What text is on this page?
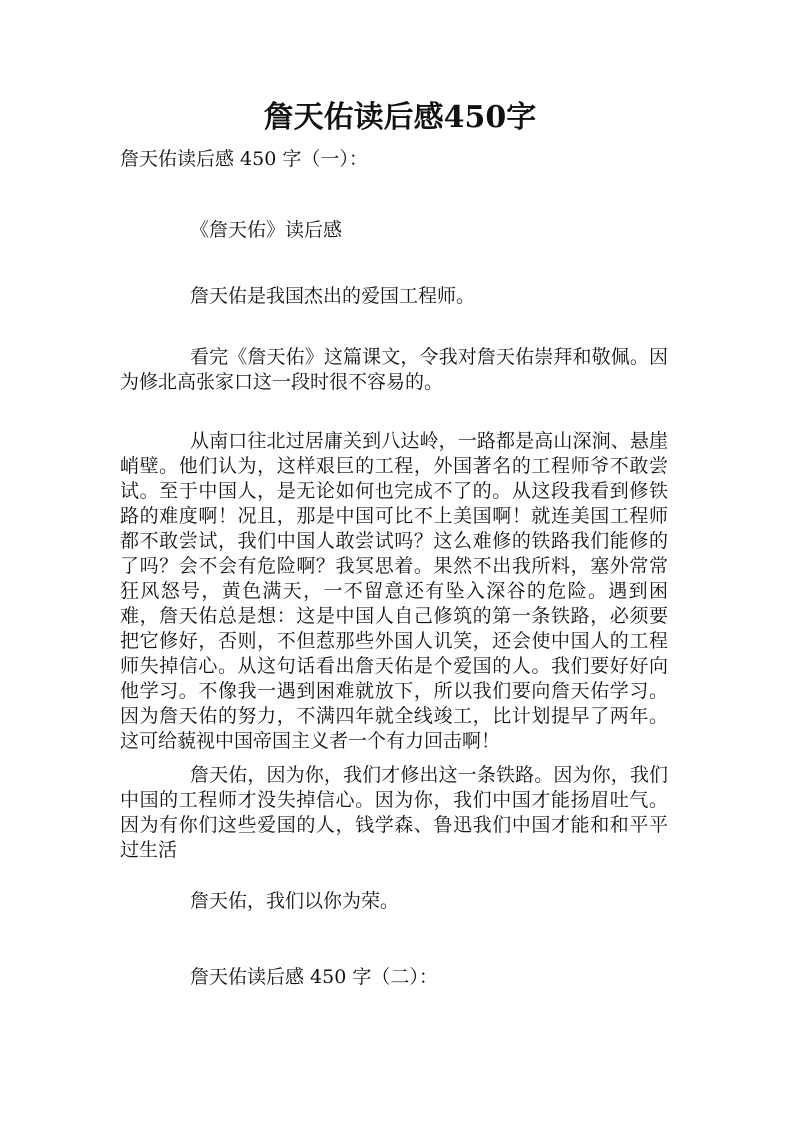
詹天佑读后感450字

詹天佑读后感 450 字（一）：

《詹天佑》读后感

詹天佑是我国杰出的爱国工程师。

看完《詹天佑》这篇课文，令我对詹天佑崇拜和敬佩。因为修北高张家口这一段时很不容易的。

从南口往北过居庸关到八达岭，一路都是高山深涧、悬崖峭壁。他们认为，这样艰巨的工程，外国著名的工程师爷不敢尝试。至于中国人，是无论如何也完成不了的。从这段我看到修铁路的难度啊！况且，那是中国可比不上美国啊！就连美国工程师都不敢尝试，我们中国人敢尝试吗？这么难修的铁路我们能修的了吗？会不会有危险啊？我冥思着。果然不出我所料，塞外常常狂风怒号，黄色满天，一不留意还有坠入深谷的危险。遇到困难，詹天佑总是想：这是中国人自己修筑的第一条铁路，必须要把它修好，否则，不但惹那些外国人讥笑，还会使中国人的工程师失掉信心。从这句话看出詹天佑是个爱国的人。我们要好好向他学习。不像我一遇到困难就放下，所以我们要向詹天佑学习。因为詹天佑的努力，不满四年就全线竣工，比计划提早了两年。这可给藐视中国帝国主义者一个有力回击啊！

詹天佑，因为你，我们才修出这一条铁路。因为你，我们中国的工程师才没失掉信心。因为你，我们中国才能扬眉吐气。因为有你们这些爱国的人，钱学森、鲁迅我们中国才能和和平平过生活

詹天佑，我们以你为荣。

詹天佑读后感 450 字（二）：
